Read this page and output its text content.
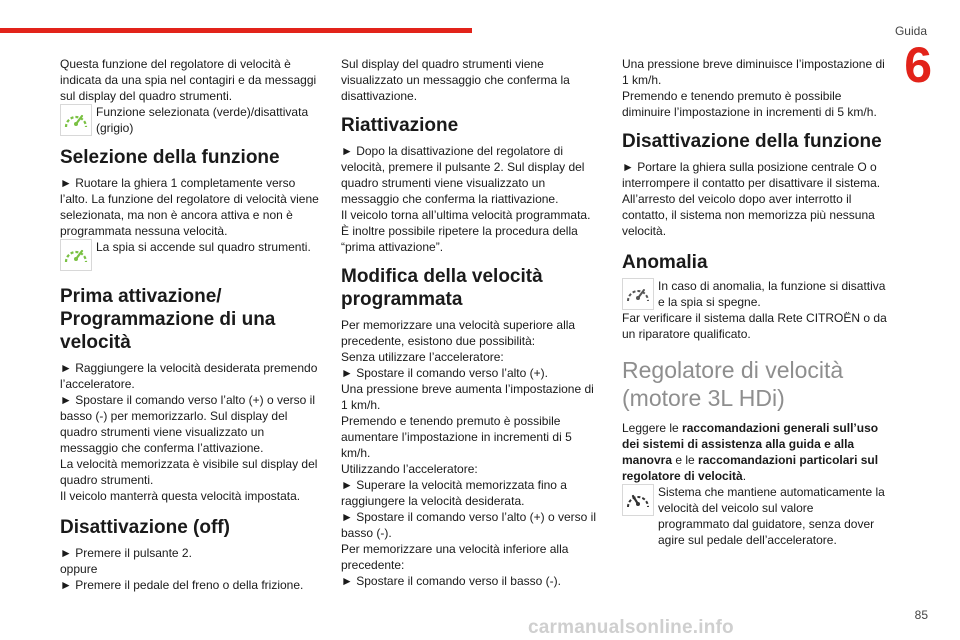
Guida
6

Questa funzione del regolatore di velocità è indicata da una spia nel contagiri e da messaggi sul display del quadro strumenti.

Funzione selezionata (verde)/disattivata (grigio)

Selezione della funzione

► Ruotare la ghiera 1 completamente verso l’alto. La funzione del regolatore di velocità viene selezionata, ma non è ancora attiva e non è programmata nessuna velocità.

La spia si accende sul quadro strumenti.

Prima attivazione/ Programmazione di una velocità

► Raggiungere la velocità desiderata premendo l’acceleratore.
► Spostare il comando verso l’alto (+) o verso il basso (-) per memorizzarlo. Sul display del quadro strumenti viene visualizzato un messaggio che conferma l’attivazione.
La velocità memorizzata è visibile sul display del quadro strumenti.
Il veicolo manterrà questa velocità impostata.

Disattivazione (off)

► Premere il pulsante 2.
oppure
► Premere il pedale del freno o della frizione.

Sul display del quadro strumenti viene visualizzato un messaggio che conferma la disattivazione.

Riattivazione

► Dopo la disattivazione del regolatore di velocità, premere il pulsante 2. Sul display del quadro strumenti viene visualizzato un messaggio che conferma la riattivazione.
Il veicolo torna all’ultima velocità programmata.
È inoltre possibile ripetere la procedura della “prima attivazione”.

Modifica della velocità programmata

Per memorizzare una velocità superiore alla precedente, esistono due possibilità:
Senza utilizzare l’acceleratore:
► Spostare il comando verso l’alto (+).
Una pressione breve aumenta l’impostazione di 1 km/h.
Premendo e tenendo premuto è possibile aumentare l’impostazione in incrementi di 5 km/h.
Utilizzando l’acceleratore:
► Superare la velocità memorizzata fino a raggiungere la velocità desiderata.
► Spostare il comando verso l’alto (+) o verso il basso (-).
Per memorizzare una velocità inferiore alla precedente:
► Spostare il comando verso il basso (-).

Una pressione breve diminuisce l’impostazione di 1 km/h.
Premendo e tenendo premuto è possibile diminuire l’impostazione in incrementi di 5 km/h.

Disattivazione della funzione

► Portare la ghiera sulla posizione centrale O o interrompere il contatto per disattivare il sistema.
All’arresto del veicolo dopo aver interrotto il contatto, il sistema non memorizza più nessuna velocità.

Anomalia

In caso di anomalia, la funzione si disattiva e la spia si spegne.

Far verificare il sistema dalla Rete CITROËN o da un riparatore qualificato.

Regolatore di velocità (motore 3L HDi)

Leggere le raccomandazioni generali sull’uso dei sistemi di assistenza alla guida e alla manovra e le raccomandazioni particolari sul regolatore di velocità.

Sistema che mantiene automaticamente la velocità del veicolo sul valore programmato dal guidatore, senza dover agire sul pedale dell’acceleratore.

85
carmanualsonline.info
